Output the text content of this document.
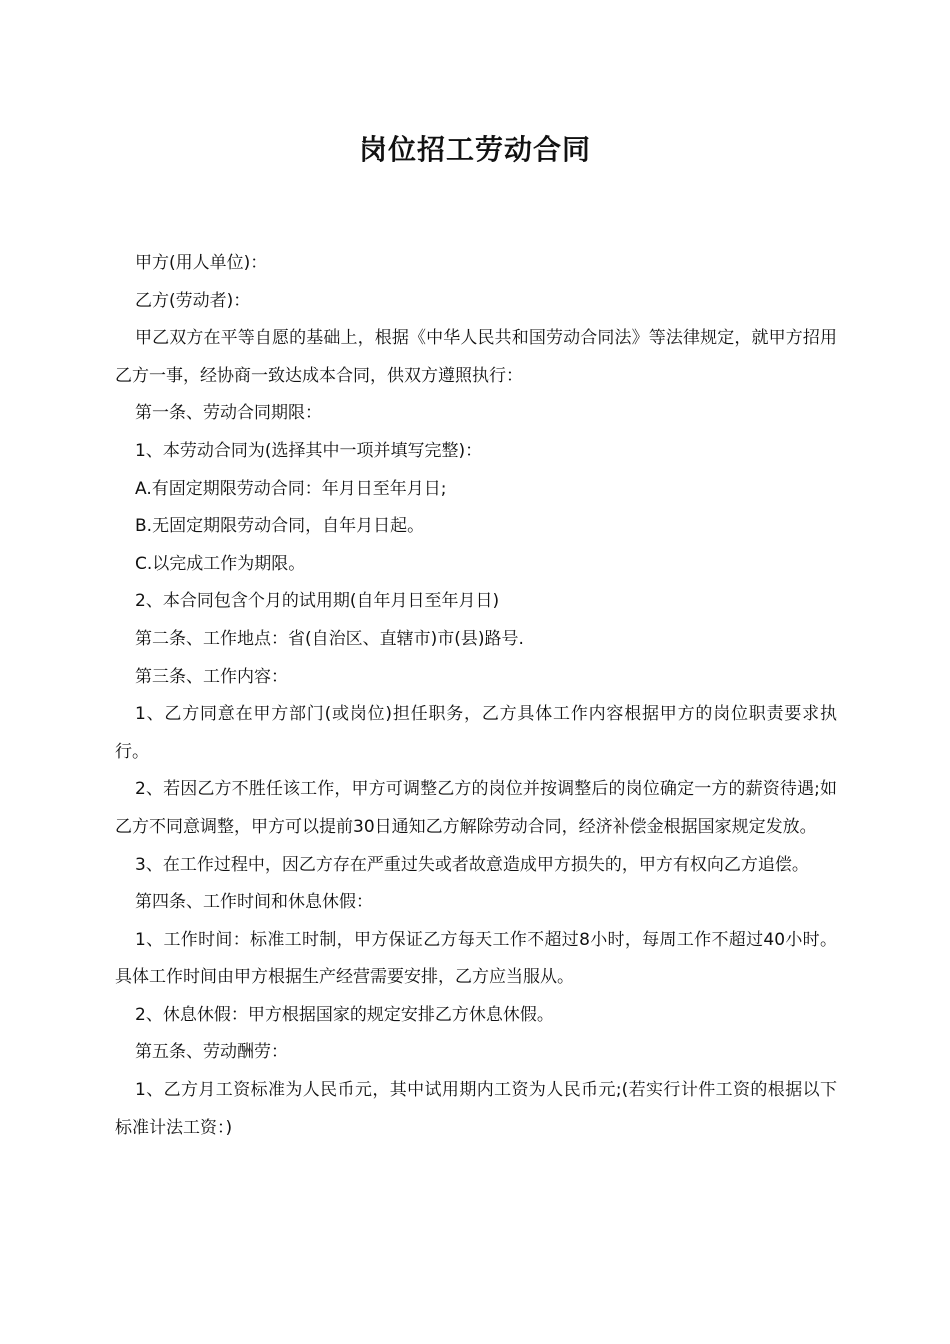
岗位招工劳动合同

甲方(用人单位)：

乙方(劳动者)：

甲乙双方在平等自愿的基础上，根据《中华人民共和国劳动合同法》等法律规定，就甲方招用乙方一事，经协商一致达成本合同，供双方遵照执行：

第一条、劳动合同期限：

1、本劳动合同为(选择其中一项并填写完整)：

A.有固定期限劳动合同：年月日至年月日;

B.无固定期限劳动合同，自年月日起。

C.以完成工作为期限。

2、本合同包含个月的试用期(自年月日至年月日)

第二条、工作地点：省(自治区、直辖市)市(县)路号.

第三条、工作内容：

1、乙方同意在甲方部门(或岗位)担任职务，乙方具体工作内容根据甲方的岗位职责要求执行。

2、若因乙方不胜任该工作，甲方可调整乙方的岗位并按调整后的岗位确定一方的薪资待遇;如乙方不同意调整，甲方可以提前30日通知乙方解除劳动合同，经济补偿金根据国家规定发放。

3、在工作过程中，因乙方存在严重过失或者故意造成甲方损失的，甲方有权向乙方追偿。

第四条、工作时间和休息休假：

1、工作时间：标准工时制，甲方保证乙方每天工作不超过8小时，每周工作不超过40小时。具体工作时间由甲方根据生产经营需要安排，乙方应当服从。

2、休息休假：甲方根据国家的规定安排乙方休息休假。

第五条、劳动酬劳：

1、乙方月工资标准为人民币元，其中试用期内工资为人民币元;(若实行计件工资的根据以下标准计法工资：)
